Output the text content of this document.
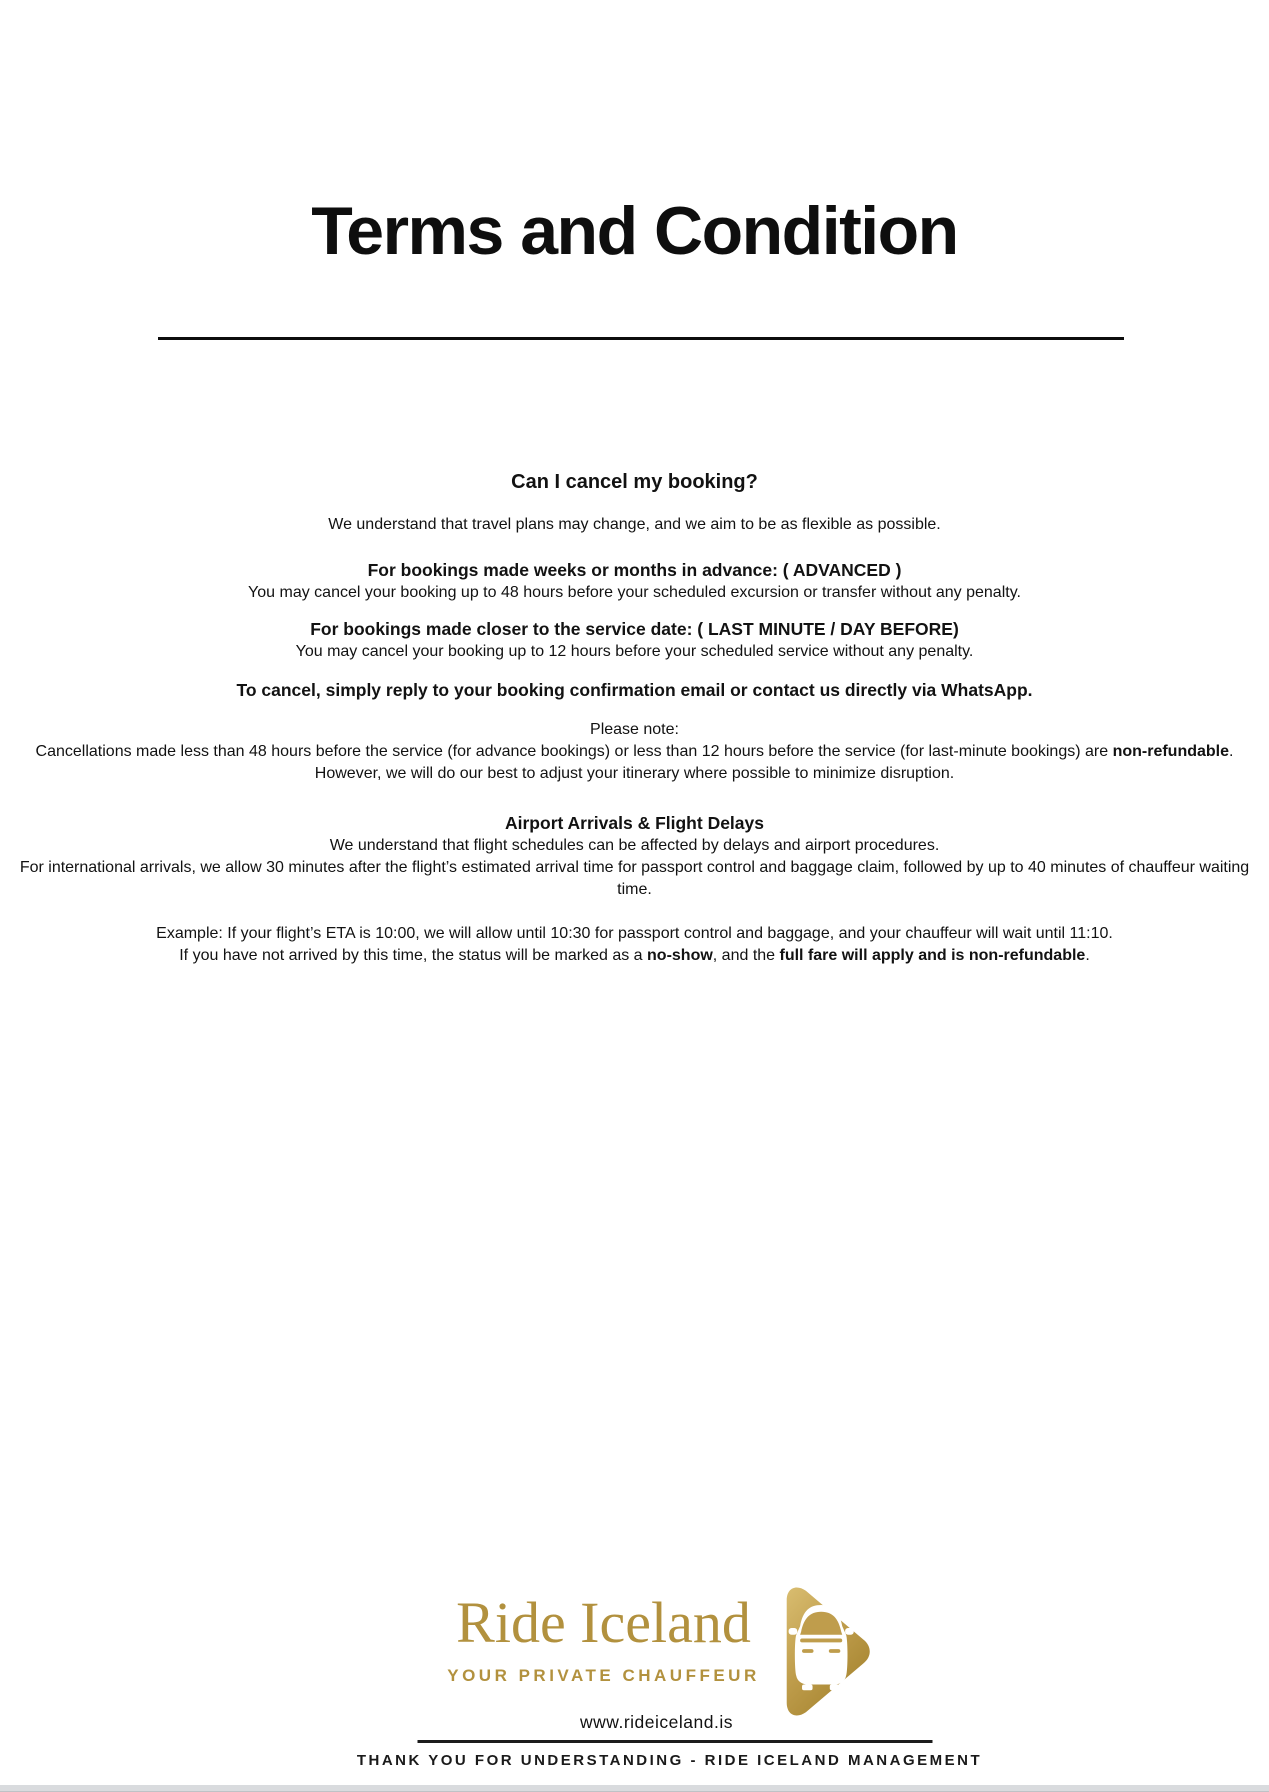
Terms and Condition

Can I cancel my booking?

We understand that travel plans may change, and we aim to be as flexible as possible.

For bookings made weeks or months in advance: ( ADVANCED )

You may cancel your booking up to 48 hours before your scheduled excursion or transfer without any penalty.

For bookings made closer to the service date: ( LAST MINUTE / DAY BEFORE)

You may cancel your booking up to 12 hours before your scheduled service without any penalty.

To cancel, simply reply to your booking confirmation email or contact us directly via WhatsApp.

Please note:

Cancellations made less than 48 hours before the service (for advance bookings) or less than 12 hours before the service (for last-minute bookings) are non-refundable.

However, we will do our best to adjust your itinerary where possible to minimize disruption.

Airport Arrivals & Flight Delays

We understand that flight schedules can be affected by delays and airport procedures.

For international arrivals, we allow 30 minutes after the flight’s estimated arrival time for passport control and baggage claim, followed by up to 40 minutes of chauffeur waiting time.

Example: If your flight’s ETA is 10:00, we will allow until 10:30 for passport control and baggage, and your chauffeur will wait until 11:10.

If you have not arrived by this time, the status will be marked as a no-show, and the full fare will apply and is non-refundable.

Ride Iceland
YOUR PRIVATE CHAUFFEUR
www.rideiceland.is
THANK YOU FOR UNDERSTANDING - RIDE ICELAND MANAGEMENT
